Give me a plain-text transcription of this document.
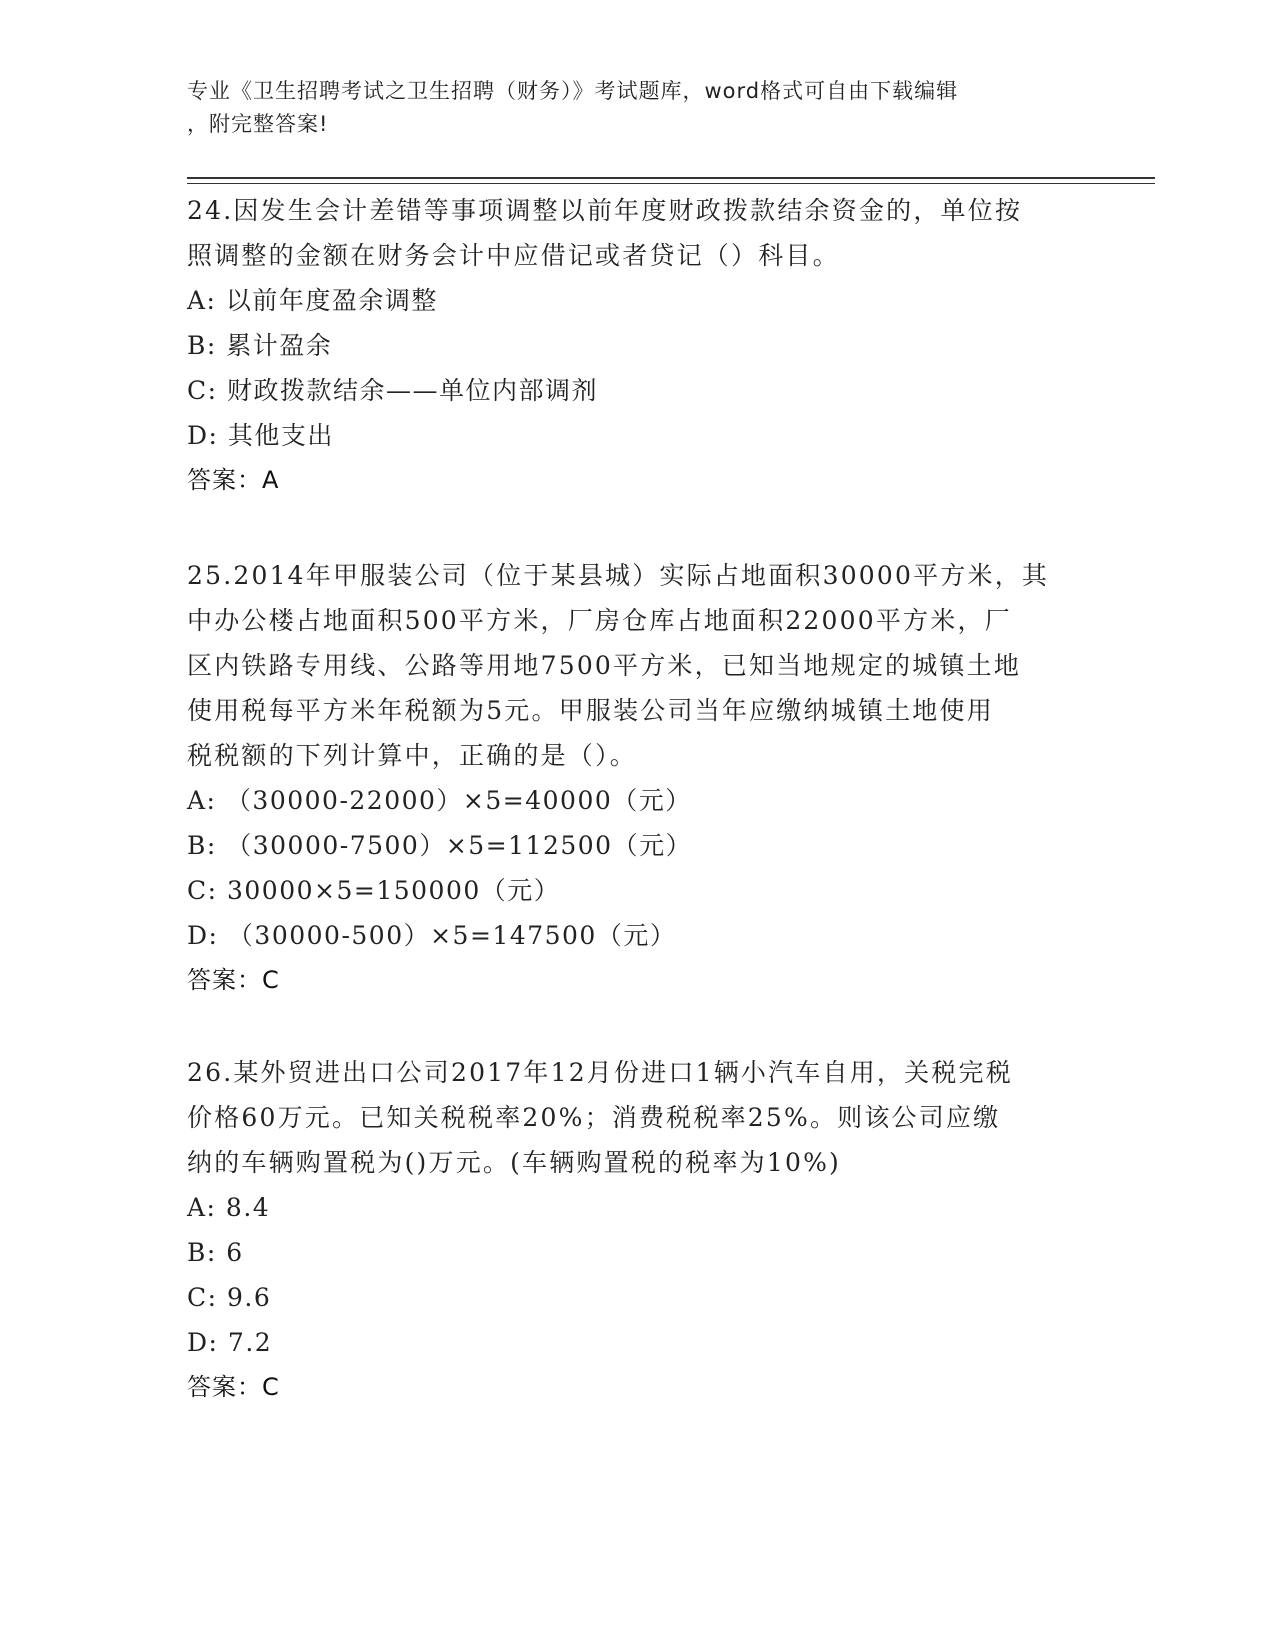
专业《卫生招聘考试之卫生招聘（财务）》考试题库，word格式可自由下载编辑
，附完整答案!

24.因发生会计差错等事项调整以前年度财政拨款结余资金的，单位按

照调整的金额在财务会计中应借记或者贷记（）科目。

A: 以前年度盈余调整

B: 累计盈余

C: 财政拨款结余——单位内部调剂

D: 其他支出

答案：A

25.2014年甲服装公司（位于某县城）实际占地面积30000平方米，其

中办公楼占地面积500平方米，厂房仓库占地面积22000平方米，厂

区内铁路专用线、公路等用地7500平方米，已知当地规定的城镇土地

使用税每平方米年税额为5元。甲服装公司当年应缴纳城镇土地使用

税税额的下列计算中，正确的是（）。

A: （30000-22000）×5=40000（元）

B: （30000-7500）×5=112500（元）

C: 30000×5=150000（元）

D: （30000-500）×5=147500（元）

答案：C

26.某外贸进出口公司2017年12月份进口1辆小汽车自用，关税完税

价格60万元。已知关税税率20%；消费税税率25%。则该公司应缴

纳的车辆购置税为()万元。(车辆购置税的税率为10%)

A: 8.4

B: 6

C: 9.6

D: 7.2

答案：C
